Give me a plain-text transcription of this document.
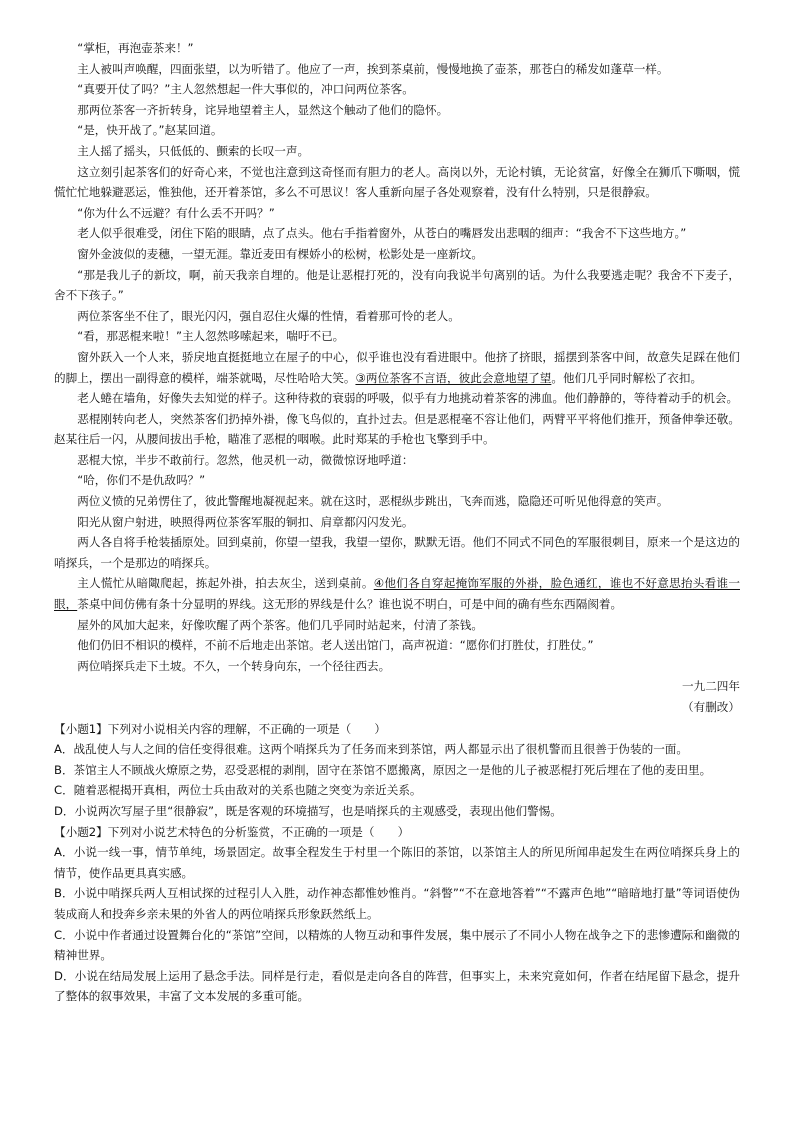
“掌柜，再泡壶茶来！”

主人被叫声唤醒，四面张望，以为听错了。他应了一声，挨到茶桌前，慢慢地换了壶茶，那苍白的稀发如蓬草一样。

“真要开仗了吗？”主人忽然想起一件大事似的，冲口问两位茶客。

那两位茶客一齐折转身，诧异地望着主人，显然这个触动了他们的隐怀。

“是，快开战了。”赵某回道。

主人摇了摇头，只低低的、颤索的长叹一声。

这立刻引起茶客们的好奇心来，不觉也注意到这奇怪而有胆力的老人。高岗以外，无论村镇，无论贫富，好像全在狮爪下嘶咽，慌慌忙忙地躲避恶运，惟独他，还开着茶馆，多么不可思议！客人重新向屋子各处观察着，没有什么特别，只是很静寂。

“你为什么不远避？有什么丢不开吗？”

老人似乎很难受，闭住下陷的眼睛，点了点头。他右手指着窗外，从苍白的嘴唇发出悲咽的细声：“我舍不下这些地方。”

窗外金波似的麦穗，一望无涯。靠近麦田有棵娇小的松树，松影处是一座新坟。

“那是我儿子的新坟，啊，前天我亲自埋的。他是让恶棍打死的，没有向我说半句离别的话。为什么我要逃走呢？我舍不下麦子，舍不下孩子。”

两位茶客坐不住了，眼光闪闪，强自忍住火爆的性情，看着那可怜的老人。

“看，那恶棍来啦！”主人忽然哆嗦起来，喘吁不已。

窗外跃入一个人来，骄戾地直挺挺地立在屋子的中心，似乎谁也没有看进眼中。他挤了挤眼，摇摆到茶客中间，故意失足踩在他们的脚上，摆出一副得意的模样，端茶就喝，尽性哈哈大笑。③两位茶客不言语，彼此会意地望了望。他们几乎同时解松了衣扣。

老人蜷在墙角，好像失去知觉的样子。这种待救的衰弱的呼吸，似乎有力地挑动着茶客的沸血。他们静静的，等待着动手的机会。

恶棍刚转向老人，突然茶客们扔掉外褂，像飞鸟似的，直扑过去。但是恶棍毫不容让他们，两臂平平将他们推开，预备伸拳还敬。赵某往后一闪，从腰间拔出手枪，瞄准了恶棍的咽喉。此时郑某的手枪也飞擎到手中。

恶棍大惊，半步不敢前行。忽然，他灵机一动，微微惊讶地呼道：

“哈，你们不是仇敌吗？”

两位义愤的兄弟愣住了，彼此警醒地凝视起来。就在这时，恶棍纵步跳出，飞奔而逃，隐隐还可听见他得意的笑声。

阳光从窗户射进，映照得两位茶客军服的铜扣、肩章都闪闪发光。

两人各自将手枪装插原处。回到桌前，你望一望我，我望一望你，默默无语。他们不同式不同色的军服很刺目，原来一个是这边的哨探兵，一个是那边的哨探兵。

主人慌忙从暗陬爬起，拣起外褂，拍去灰尘，送到桌前。④他们各自穿起掩饰军服的外褂，脸色通红，谁也不好意思抬头看谁一眼，茶桌中间仿佛有条十分显明的界线。这无形的界线是什么？谁也说不明白，可是中间的确有些东西隔阂着。

屋外的风加大起来，好像吹醒了两个茶客。他们几乎同时站起来，付清了茶钱。

他们仍旧不相识的模样，不前不后地走出茶馆。老人送出馆门，高声祝道：“愿你们打胜仗，打胜仗。”

两位哨探兵走下土坡。不久，一个转身向东，一个径往西去。

一九二四年

（有删改）

【小题1】下列对小说相关内容的理解，不正确的一项是（　　）

A．战乱使人与人之间的信任变得很难。这两个哨探兵为了任务而来到茶馆，两人都显示出了很机警而且很善于伪装的一面。

B．茶馆主人不顾战火燎原之势，忍受恶棍的剥削，固守在茶馆不愿搬离，原因之一是他的儿子被恶棍打死后埋在了他的麦田里。

C．随着恶棍揭开真相，两位士兵由敌对的关系也随之突变为亲近关系。

D．小说两次写屋子里“很静寂”，既是客观的环境描写，也是哨探兵的主观感受，表现出他们警惕。

【小题2】下列对小说艺术特色的分析鉴赏，不正确的一项是（　　）

A．小说一线一事，情节单纯，场景固定。故事全程发生于村里一个陈旧的茶馆，以茶馆主人的所见所闻串起发生在两位哨探兵身上的情节，使作品更具真实感。

B．小说中哨探兵两人互相试探的过程引人入胜，动作神态都惟妙惟肖。“斜瞥”“不在意地答着”“不露声色地”“暗暗地打量”等词语使伪装成商人和投奔乡亲未果的外省人的两位哨探兵形象跃然纸上。

C．小说中作者通过设置舞台化的“茶馆”空间，以精炼的人物互动和事件发展，集中展示了不同小人物在战争之下的悲惨遭际和幽微的精神世界。

D．小说在结局发展上运用了悬念手法。同样是行走，看似是走向各自的阵营，但事实上，未来究竟如何，作者在结尾留下悬念，提升了整体的叙事效果，丰富了文本发展的多重可能。
